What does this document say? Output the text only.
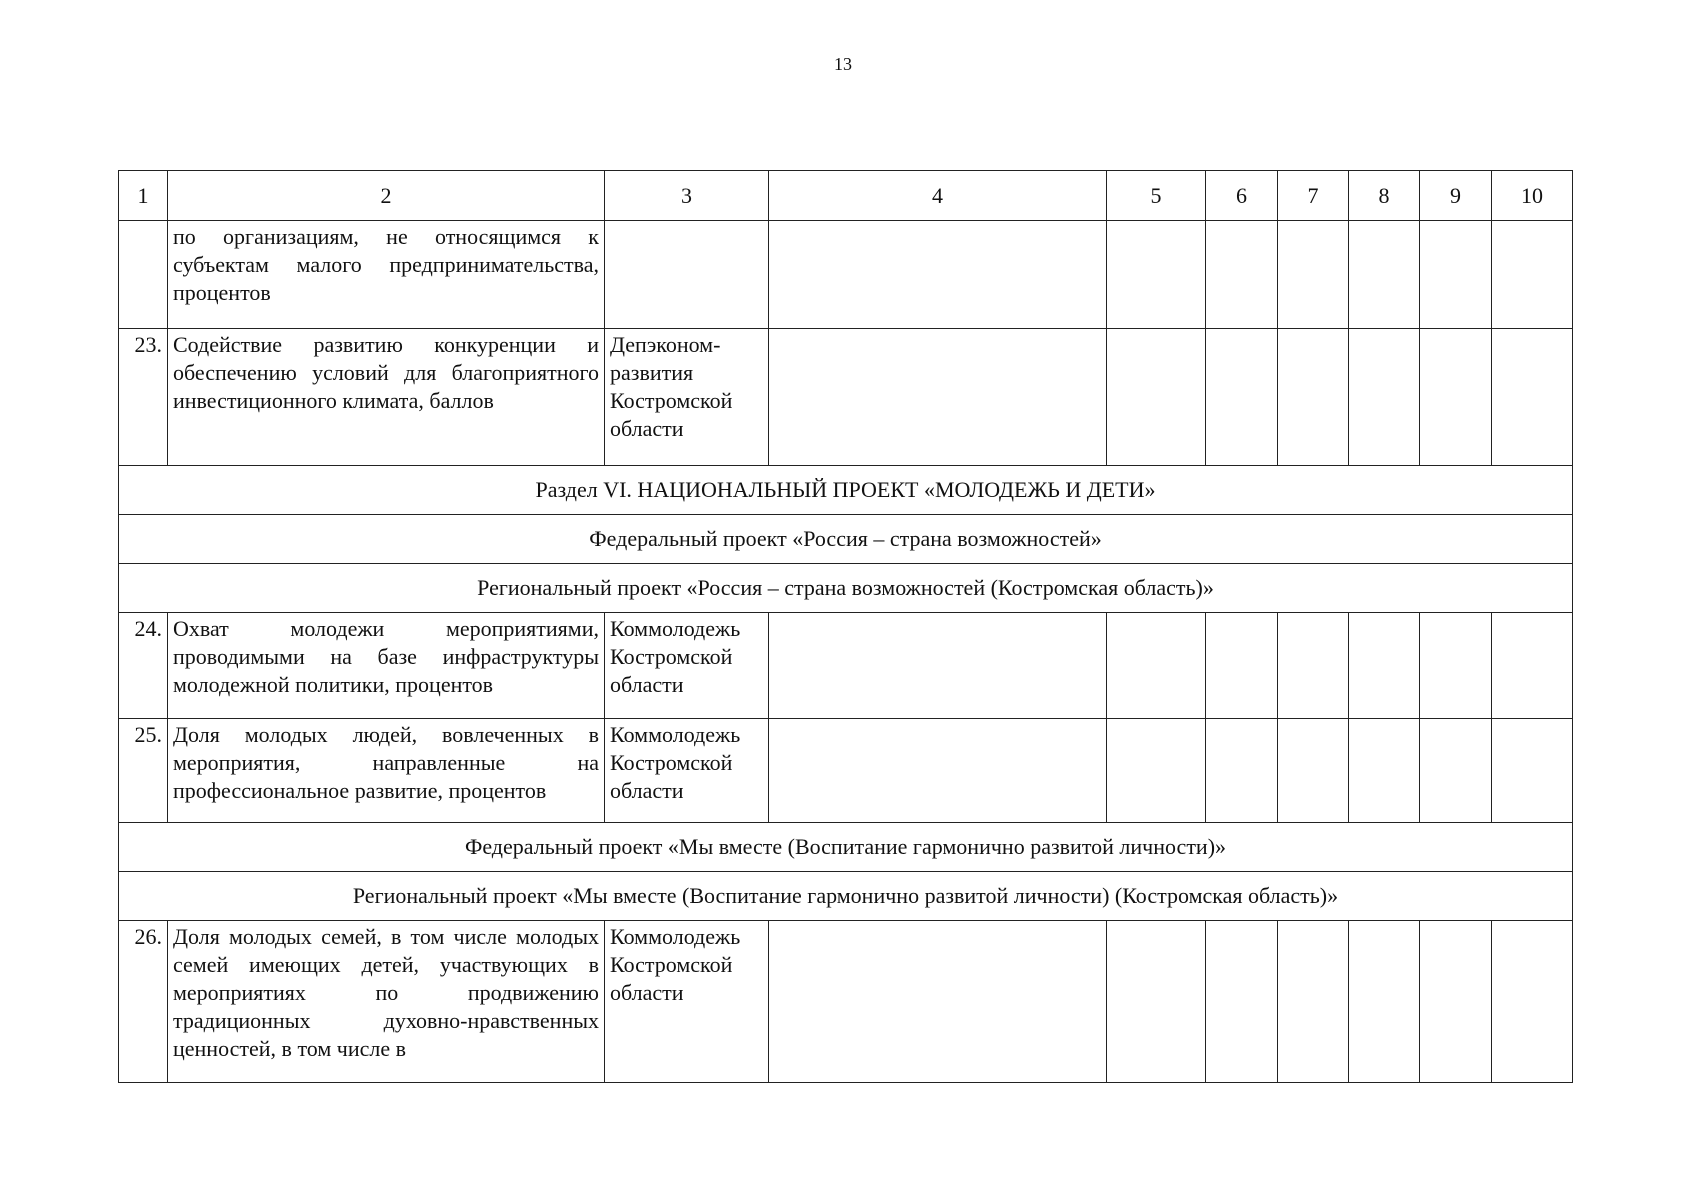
13
1	2	3	4	5	6	7	8	9	10
	по организациям, не относящимся к субъектам малого предпринимательства, процентов								
23.	Содействие развитию конкуренции и обеспечению условий для благоприятного инвестиционного климата, баллов	Депэконом-развития Костромской области							
Раздел VI. НАЦИОНАЛЬНЫЙ ПРОЕКТ «МОЛОДЕЖЬ И ДЕТИ»									
Федеральный проект «Россия – страна возможностей»									
Региональный проект «Россия – страна возможностей (Костромская область)»									
24.	Охват молодежи мероприятиями, проводимыми на базе инфраструктуры молодежной политики, процентов	Коммолодежь Костромской области							
25.	Доля молодых людей, вовлеченных в мероприятия, направленные на профессиональное развитие, процентов	Коммолодежь Костромской области							
Федеральный проект «Мы вместе (Воспитание гармонично развитой личности)»									
Региональный проект «Мы вместе (Воспитание гармонично развитой личности) (Костромская область)»									
26.	Доля молодых семей, в том числе молодых семей имеющих детей, участвующих в мероприятиях по продвижению традиционных духовно-нравственных ценностей, в том числе в	Коммолодежь Костромской области							
